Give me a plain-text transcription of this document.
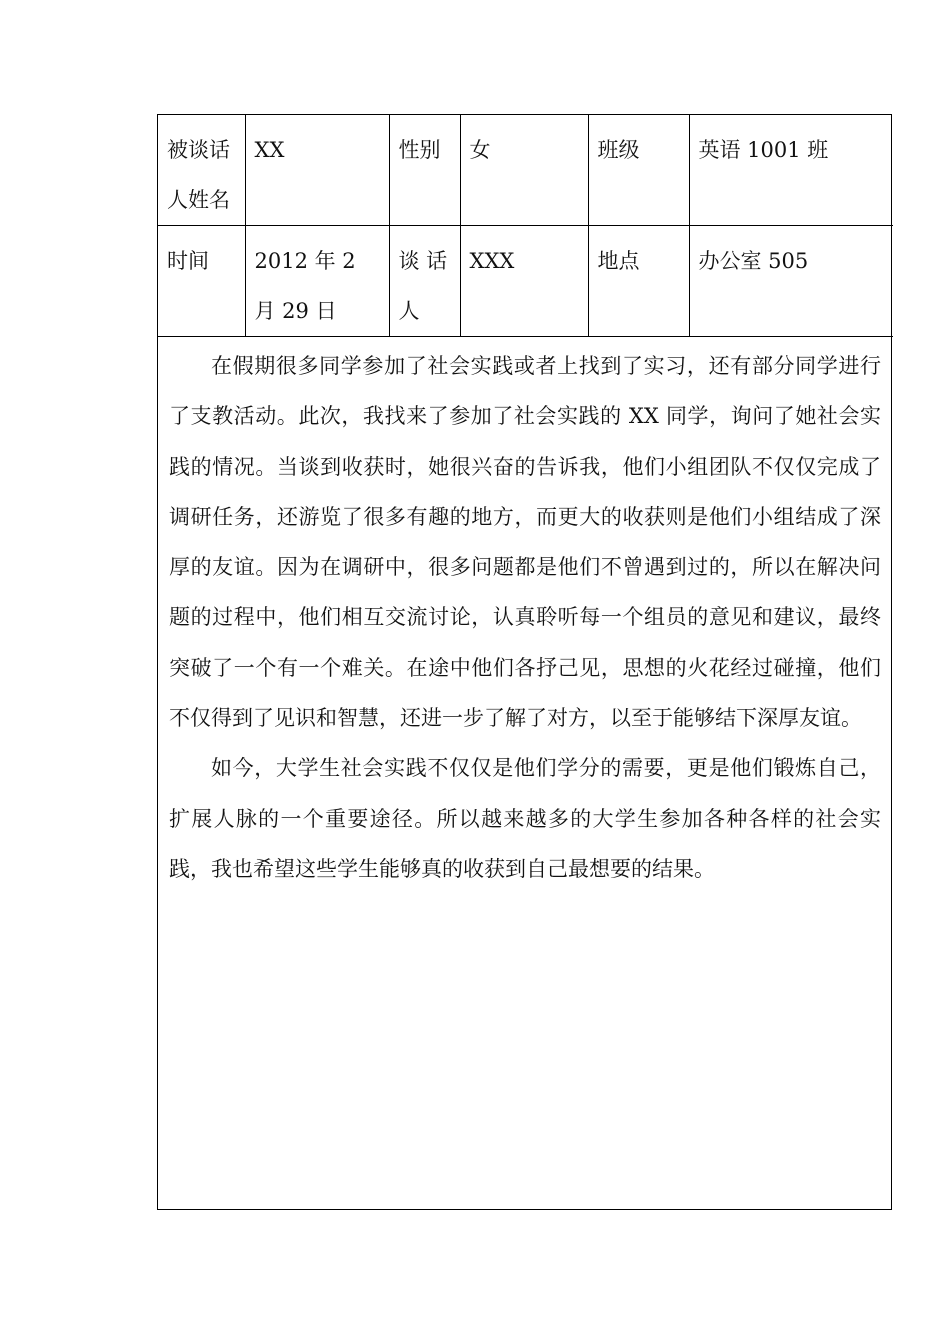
被谈话人姓名	XX	性别	女	班级	英语 1001 班
时间	2012 年 2 月 29 日	谈 话 人	XXX	地点	办公室 505

在假期很多同学参加了社会实践或者上找到了实习，还有部分同学进行了支教活动。此次，我找来了参加了社会实践的 XX 同学，询问了她社会实践的情况。当谈到收获时，她很兴奋的告诉我，他们小组团队不仅仅完成了调研任务，还游览了很多有趣的地方，而更大的收获则是他们小组结成了深厚的友谊。因为在调研中，很多问题都是他们不曾遇到过的，所以在解决问题的过程中，他们相互交流讨论，认真聆听每一个组员的意见和建议，最终突破了一个有一个难关。在途中他们各抒己见，思想的火花经过碰撞，他们不仅得到了见识和智慧，还进一步了解了对方，以至于能够结下深厚友谊。

如今，大学生社会实践不仅仅是他们学分的需要，更是他们锻炼自己，扩展人脉的一个重要途径。所以越来越多的大学生参加各种各样的社会实践，我也希望这些学生能够真的收获到自己最想要的结果。
